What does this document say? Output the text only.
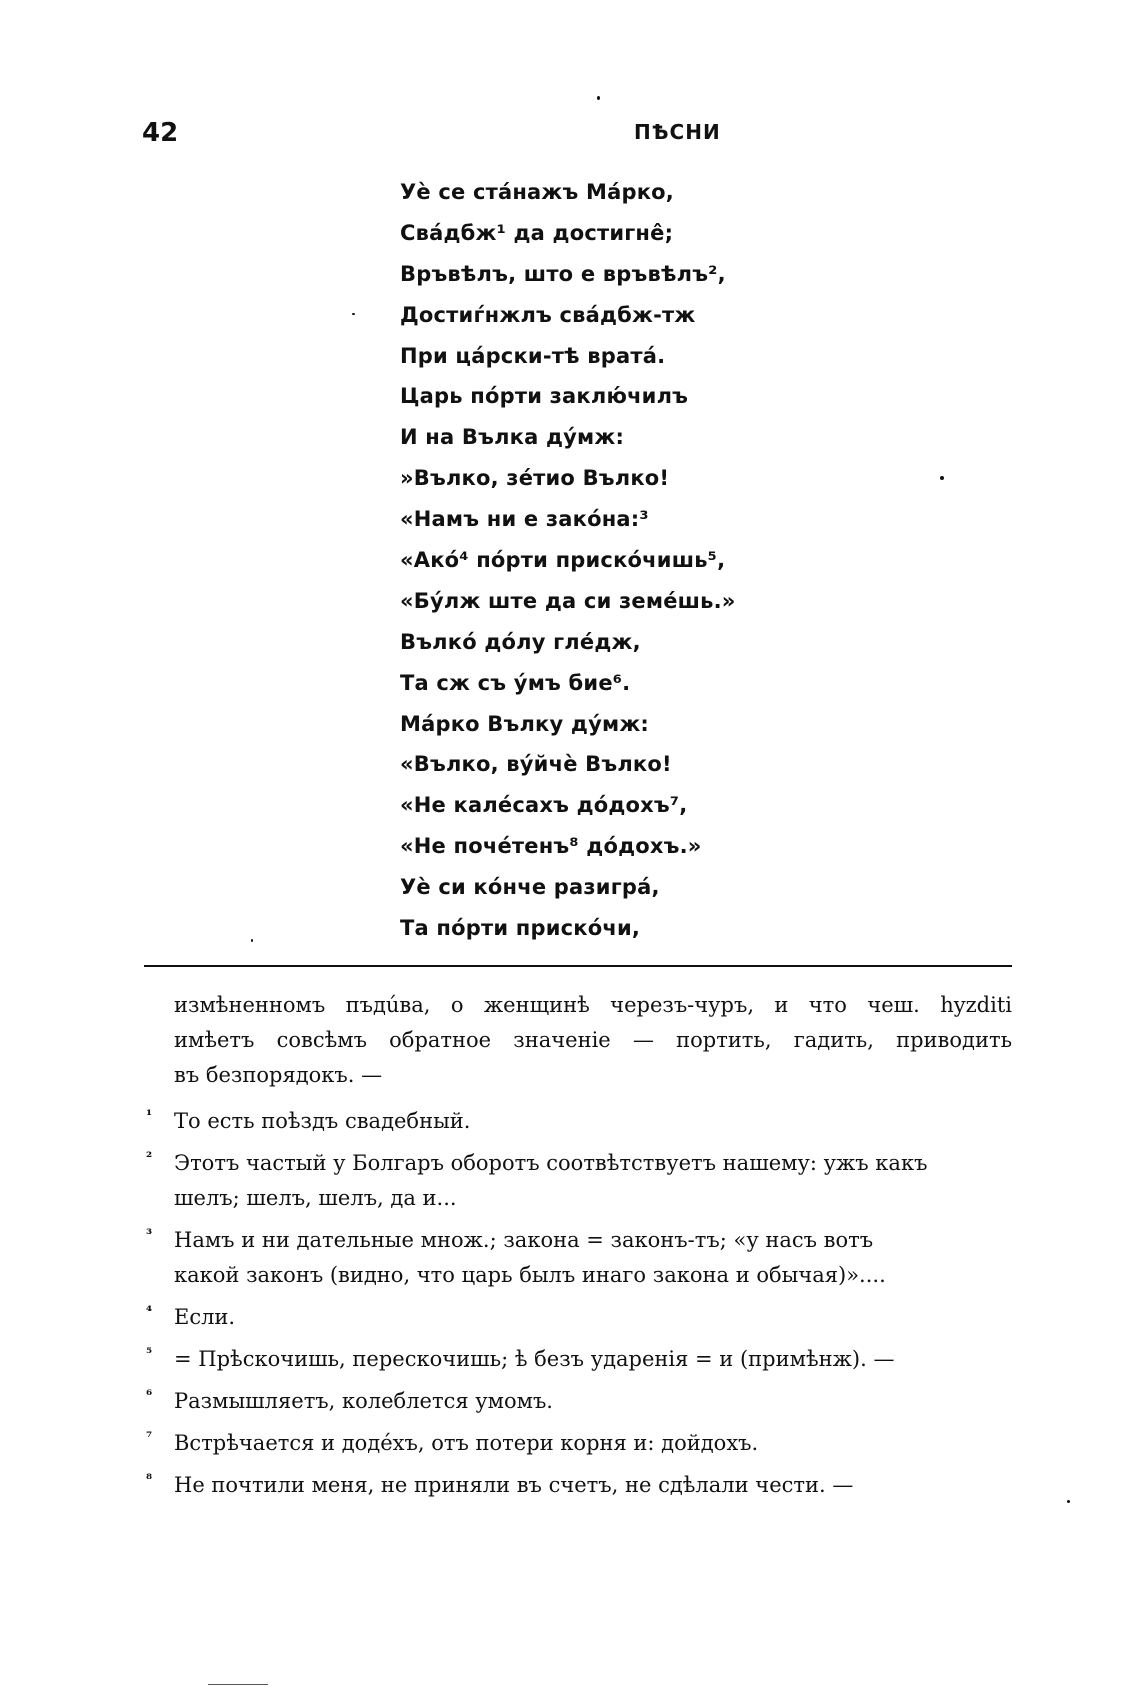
42	ПѢСНИ
Уѐ се ста́нажъ Ма́рко,
Свáдбж¹ да достигне̂;
Връвѣлъ, што е връвѣлъ²,
Достиѓнжлъ свáдбж-тж
При цáрски-тѣ вратá.
Царь пóрти заклю́чилъ
И на Вълка дýмж:
»Вълко, зе́тио Вълко!
«Намъ ни е закóна:³
«Акó⁴ пóрти прискóчишь⁵,
«Бýлж ште да си земе́шь.»
Вълкó дóлу гле́дж,
Та сж съ ýмъ бие⁶.
Мáрко Вълку дýмж:
«Вълко, вýйчѐ Вълко!
«Не калéсахъ дóдохъ⁷,
«Не почéтенъ⁸ дóдохъ.»
Уѐ си кóнче разигрá,
Та пóрти прискóчи,

измѣненномъ пъдúва, о женщинѣ черезъ-чуръ, и что чеш. hyzditi

имѣетъ совсѣмъ обратное значеніе — портить, гадить, приводить

въ безпорядокъ. —

¹ То есть поѣздъ свадебный.
² Этотъ частый у Болгаръ оборотъ соотвѣтствуетъ нашему: ужъ какъ
шелъ; шелъ, шелъ, да и...
³ Намъ и ни дательные множ.; закона = законъ-тъ; «у насъ вотъ
какой законъ (видно, что царь былъ инаго закона и обычая)»....
⁴ Если.
⁵ = Прѣскочишь, перескочишь; ѣ безъ ударенія = и (примѣнж). —
⁶ Размышляетъ, колеблется умомъ.
⁷ Встрѣчается и додéхъ, отъ потери корня и: дойдохъ.
⁸ Не почтили меня, не приняли въ счетъ, не сдѣлали чести. —
